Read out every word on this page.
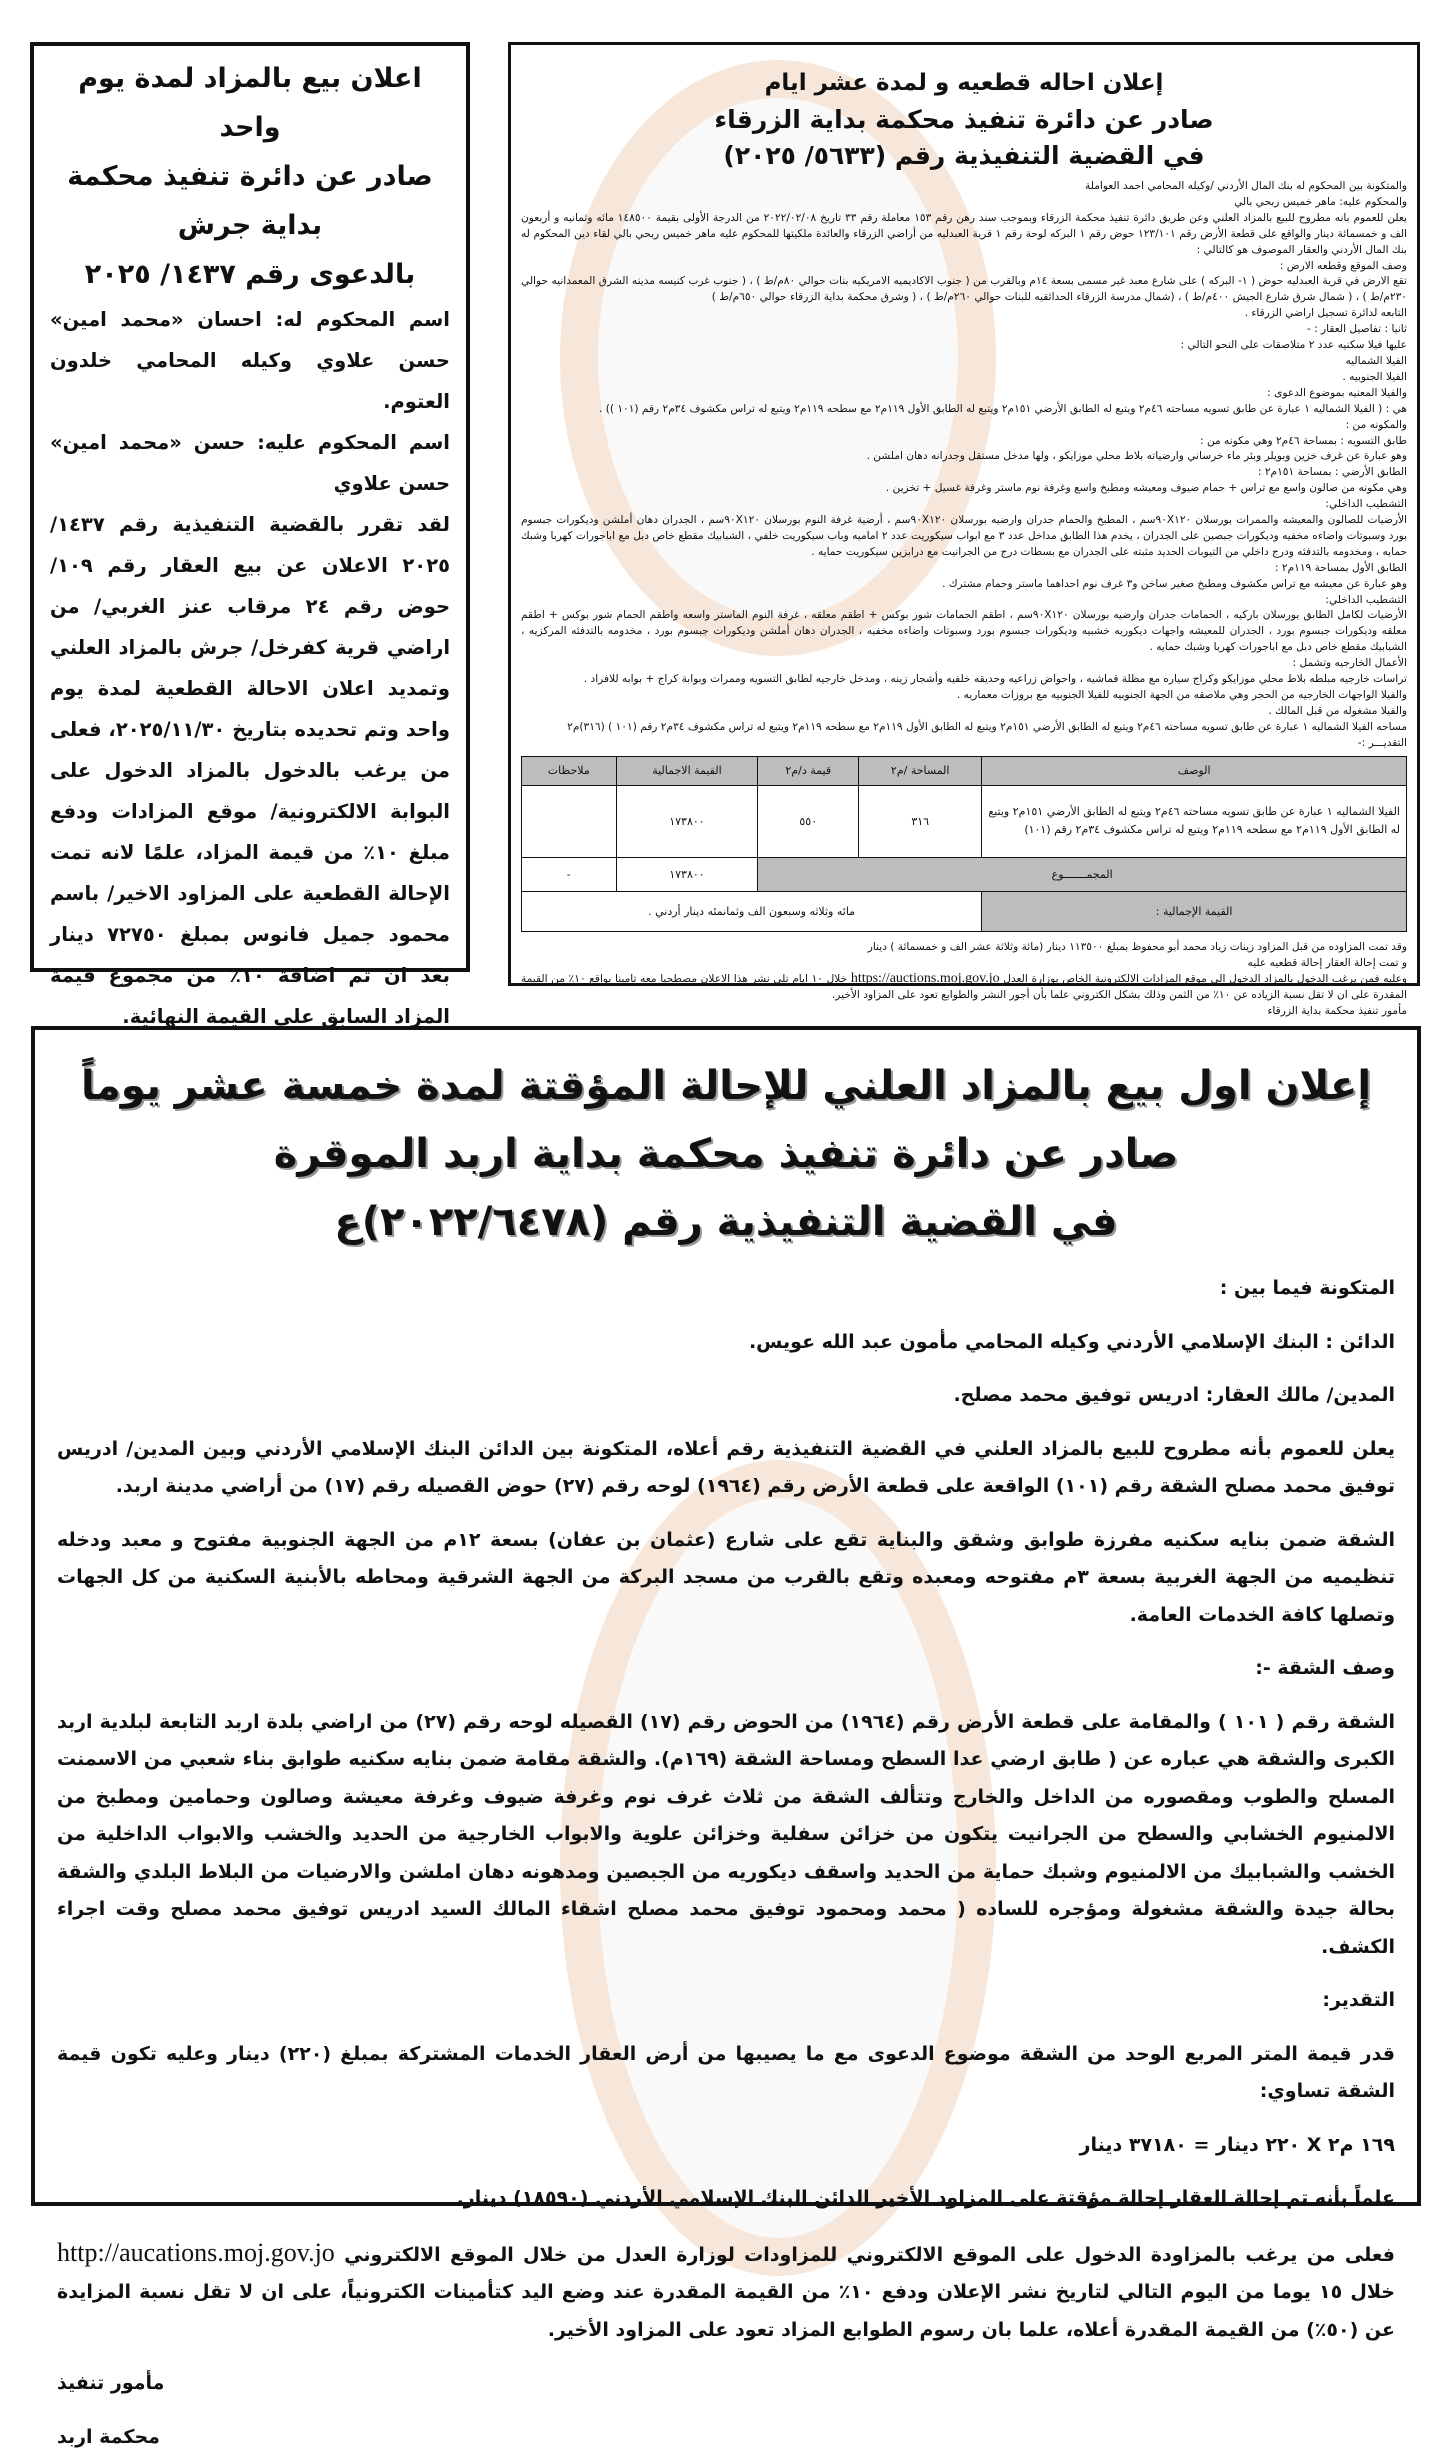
اعلان بيع بالمزاد لمدة يوم واحد
صادر عن دائرة تنفيذ محكمة
بداية جرش
بالدعوى رقم ١٤٣٧/ ٢٠٢٥

اسم المحكوم له: احسان «محمد امين» حسن علاوي وكيله المحامي خلدون العتوم.

اسم المحكوم عليه: حسن «محمد امين» حسن علاوي

لقد تقرر بالقضية التنفيذية رقم ١٤٣٧/ ٢٠٢٥ الاعلان عن بيع العقار رقم ١٠٩/ حوض رقم ٢٤ مرقاب عنز الغربي/ من اراضي قرية كفرخل/ جرش بالمزاد العلني وتمديد اعلان الاحالة القطعية لمدة يوم واحد وتم تحديده بتاريخ ٢٠٢٥/١١/٣٠، فعلى من يرغب بالدخول بالمزاد الدخول على البوابة الالكترونية/ موقع المزادات ودفع مبلغ ١٠٪ من قيمة المزاد، علمًا لانه تمت الإحالة القطعية على المزاود الاخير/ باسم محمود جميل فانوس بمبلغ ٧٢٧٥٠ دينار بعد ان تم اضافة ١٠٪ من مجموع قيمة المزاد السابق على القيمة النهائية.

إعلان احاله قطعيه و لمدة عشر ايام
صادر عن دائرة تنفيذ محكمة بداية الزرقاء
في القضية التنفيذية رقم (٥٦٣٣/ ٢٠٢٥)

والمتكونة بين المحكوم له بنك المال الأردني /وكيله المحامي احمد العواملة

والمحكوم عليه: ماهر خميس ربحي بالي

يعلن للعموم بانه مطروح للبيع بالمزاد العلني وعن طريق دائرة تنفيذ محكمة الزرقاء وبموجب سند رهن رقم ١٥٣ معاملة رقم ٣٣ تاريخ ٢٠٢٢/٠٢/٠٨ من الدرجة الأولى بقيمة ١٤٨٥٠٠ مائه وثمانيه و أربعون الف و خمسمائة دينار والواقع على قطعة الأرض رقم ١٢٣/١٠١ حوض رقم ١ البركه لوحة رقم ١ قرية العبدليه من أراضي الزرقاء والعائدة ملكيتها للمحكوم عليه ماهر خميس ربحي بالي لقاء دين المحكوم له بنك المال الأردني والعقار الموصوف هو كالتالي :

وصف الموقع وقطعه الارض :

تقع الارض في قرية العبدليه حوض ( ١- البركه ) على شارع معبد غير مسمى بسعة ١٤م وبالقرب من ( جنوب الاكاديميه الامريكيه بنات حوالي ٨٠م/ط ) ، ( جنوب غرب كنيسه مدينه الشرق المعمدانيه حوالي ٢٣٠م/ط ) ، ( شمال شرق شارع الجيش ٤٠٠م/ط ) ، (شمال مدرسة الزرقاء الحدائقيه للبنات حوالي ٢٦٠م/ط ) ، ( وشرق محكمة بداية الزرقاء حوالي ٦٥٠م/ط )

التابعه لدائرة تسجيل اراضي الزرقاء .

ثانيا : تفاصيل العقار : -

عليها فيلا سكنيه عدد ٢ متلاصقات على النحو التالي :

الفيلا الشماليه

الفيلا الجنوبيه .

والفيلا المعنيه بموضوع الدعوى :

هي : ( الفيلا الشماليه ١ عبارة عن طابق تسويه مساحته ٤٦م٢ ويتبع له الطابق الأرضي ١٥١م٢ ويتبع له الطابق الأول ١١٩م٢ مع سطحه ١١٩م٢ ويتبع له تراس مكشوف ٣٤م٢ رقم (١٠١ )) .

والمكونه من :

طابق التسويه : بمساحة ٤٦م٢ وهي مكونه من :

وهو عبارة عن غرف خزين وبويلر وبئر ماء خرساني وارضياته بلاط محلي موزايكو ، ولها مدخل مستقل وجدرانه دهان املشن .

الطابق الأرضي : بمساحة ١٥١م٢ :

وهي مكونه من صالون واسع مع تراس + حمام ضيوف ومعيشه ومطبخ واسع وغرفة نوم ماستر وغرفة غسيل + تخزين .

التشطيب الداخلي:

الأرضيات للصالون والمعيشه والممرات بورسلان ٩٠X١٢٠سم ، المطبخ والحمام جدران وارضيه بورسلان ٩٠X١٢٠سم ، أرضية غرفة النوم بورسلان ٩٠X١٢٠سم ، الجدران دهان أملشن وديكورات جبسوم بورد وسبوتات واضاءه مخفيه وديكورات جبصين على الجدران ، يخدم هذا الطابق مداخل عدد ٣ مع ابواب سيكوريت عدد ٢ اماميه وباب سيكوريت خلفي ، الشبابيك مقطع خاص دبل مع اباجورات كهربا وشبك حمايه ، ومخدومه بالتدفئه ودرج داخلي من التيوبات الحديد مثبته على الجدران مع بسطات درج من الجرانيت مع درابزين سيكوريت حمايه .

الطابق الأول بمساحة ١١٩م٢ :

وهو عبارة عن معيشه مع تراس مكشوف ومطبخ صغير ساخن و٣ غرف نوم احداهما ماستر وحمام مشترك .

التشطيب الداخلي:

الأرضيات لكامل الطابق بورسلان باركيه ، الحمامات جدران وارضيه بورسلان ٩٠X١٢٠سم ، اطقم الحمامات شور بوكس + اطقم معلقه ، غرفة النوم الماستر واسعه واطقم الحمام شور بوكس + اطقم معلقه وديكورات جبسوم بورد ، الجدران للمعيشه واجهات ديكوريه خشبيه وديكورات جبسوم بورد وسبوتات واضاءه مخفيه ، الجدران دهان أملشن وديكورات جبسوم بورد ، مخدومه بالتدفئه المركزيه ، الشبابيك مقطع خاص دبل مع اباجورات كهربا وشبك حمايه .

الأعمال الخارجيه وتشمل :

تراسات خارجيه مبلطه بلاط محلي موزايكو وكراج سياره مع مظلة قماشيه ، واحواض زراعيه وحديقه خلفيه وأشجار زينه ، ومدخل خارجيه لطابق التسويه وممرات وبوابة كراج + بوابه للافراد .

والفيلا الواجهات الخارجيه من الحجر وهي ملاصقه من الجهة الجنوبيه للفيلا الجنوبيه مع بروزات معماريه .

والفيلا مشغوله من قبل المالك .

مساحه الفيلا الشماليه ١ عبارة عن طابق تسويه مساحته ٤٦م٢ ويتبع له الطابق الأرضي ١٥١م٢ ويتبع له الطابق الأول ١١٩م٢ مع سطحه ١١٩م٢ ويتبع له تراس مكشوف ٣٤م٢ رقم (١٠١ ) (٣١٦)م٢

التقديـــر :-

الوصف	المساحة /م٢	قيمة د/م٢	القيمة الاجمالية	ملاحظات
الفيلا الشماليه ١ عبارة عن طابق تسويه مساحته ٤٦م٢ ويتبع له الطابق الأرضي ١٥١م٢ ويتبع له الطابق الأول ١١٩م٢ مع سطحه ١١٩م٢ ويتبع له تراس مكشوف ٣٤م٢ رقم (١٠١)	٣١٦	٥٥٠	١٧٣٨٠٠	
المجمـــــــوع			١٧٣٨٠٠	-
القيمة الإجمالية :	مائه وثلاثه وسبعون الف وثمانمئه دينار أردني .			

وقد تمت المزاوده من قبل المزاود زينات زياد محمد أبو محفوظ بمبلغ ١١٣٥٠٠ دينار (مائة وثلاثة عشر الف و خمسمائة ) دينار

و تمت إحالة العقار إحالة قطعيه عليه

وعليه فمن يرغب الدخول بالمزاد الدخول الى موقع المزادات الالكترونية الخاص بوزارة العدل https://auctions.moj.gov.jo خلال ١٠ ايام تلي نشر هذا الاعلان مصطحبا معه تامينا بواقع ١٠٪ من القيمة المقدرة على ان لا تقل نسبة الزياده عن ١٠٪ من الثمن وذلك بشكل الكتروني علما بأن أجور النشر والطوابع تعود على المزاود الأخير.

مأمور تنفيذ محكمة بداية الزرقاء

إعلان اول بيع بالمزاد العلني للإحالة المؤقتة لمدة خمسة عشر يوماً
صادر عن دائرة تنفيذ محكمة بداية اربد الموقرة
في القضية التنفيذية رقم (٢٠٢٢/٦٤٧٨)ع

المتكونة فيما بين :

الدائن : البنك الإسلامي الأردني وكيله المحامي مأمون عبد الله عويس.

المدين/ مالك العقار: ادريس توفيق محمد مصلح.

يعلن للعموم بأنه مطروح للبيع بالمزاد العلني في القضية التنفيذية رقم أعلاه، المتكونة بين الدائن البنك الإسلامي الأردني وبين المدين/ ادريس توفيق محمد مصلح الشقة رقم (١٠١) الواقعة على قطعة الأرض رقم (١٩٦٤) لوحه رقم (٢٧) حوض القصيله رقم (١٧) من أراضي مدينة اربد.

الشقة ضمن بنايه سكنيه مفرزة طوابق وشقق والبناية تقع على شارع (عثمان بن عفان) بسعة ١٢م من الجهة الجنوبية مفتوح و معبد ودخله تنظيميه من الجهة الغربية بسعة ٣م مفتوحه ومعبده وتقع بالقرب من مسجد البركة من الجهة الشرقية ومحاطه بالأبنية السكنية من كل الجهات وتصلها كافة الخدمات العامة.

وصف الشقة -:

الشقة رقم ( ١٠١ ) والمقامة على قطعة الأرض رقم (١٩٦٤) من الحوض رقم (١٧) القصيله لوحه رقم (٢٧) من اراضي بلدة اربد التابعة لبلدية اربد الكبرى والشقة هي عباره عن ( طابق ارضي عدا السطح ومساحة الشقة (١٦٩م). والشقة مقامة ضمن بنايه سكنيه طوابق بناء شعبي من الاسمنت المسلح والطوب ومقصوره من الداخل والخارج وتتألف الشقة من ثلاث غرف نوم وغرفة ضيوف وغرفة معيشة وصالون وحمامين ومطبخ من الالمنيوم الخشابي والسطح من الجرانيت يتكون من خزائن سفلية وخزائن علوية والابواب الخارجية من الحديد والخشب والابواب الداخلية من الخشب والشبابيك من الالمنيوم وشبك حماية من الحديد واسقف ديكوريه من الجبصين ومدهونه دهان املشن والارضيات من البلاط البلدي والشقة بحالة جيدة والشقة مشغولة ومؤجره للساده ( محمد ومحمود توفيق محمد مصلح اشقاء المالك السيد ادريس توفيق محمد مصلح وقت اجراء الكشف.

التقدير:

قدر قيمة المتر المربع الوحد من الشقة موضوع الدعوى مع ما يصيبها من أرض العقار الخدمات المشتركة بمبلغ (٢٢٠) دينار وعليه تكون قيمة الشقة تساوي:

١٦٩ م٢ X ٢٢٠ دينار = ٣٧١٨٠ دينار

علماً بأنه تم إحالة العقار إحالة مؤقتة على المزاود الأخير الدائن البنك الإسلامي الأردني (١٨٥٩٠) دينار.

فعلى من يرغب بالمزاودة الدخول على الموقع الالكتروني للمزاودات لوزارة العدل من خلال الموقع الالكتروني http://aucations.moj.gov.jo خلال ١٥ يوما من اليوم التالي لتاريخ نشر الإعلان ودفع ١٠٪ من القيمة المقدرة عند وضع اليد كتأمينات الكترونياً، على ان لا تقل نسبة المزايدة عن (٥٠٪) من القيمة المقدرة أعلاه، علما بان رسوم الطوابع المزاد تعود على المزاود الأخير.

مأمور تنفيذ

محكمة اربد
